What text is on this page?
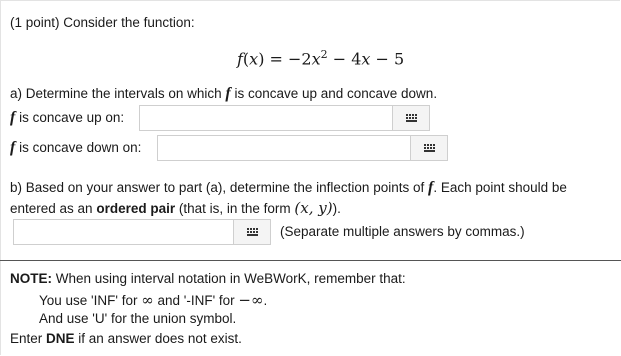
(1 point) Consider the function:
$f(x) = -2x^2 - 4x - 5$
a) Determine the intervals on which f is concave up and concave down.
f is concave up on:
f is concave down on:
b) Based on your answer to part (a), determine the inflection points of f. Each point should be
entered as an ordered pair (that is, in the form (x, y)).
(Separate multiple answers by commas.)
NOTE: When using interval notation in WeBWorK, remember that:
You use 'INF' for ∞ and '-INF' for −∞.
And use 'U' for the union symbol.
Enter DNE if an answer does not exist.
